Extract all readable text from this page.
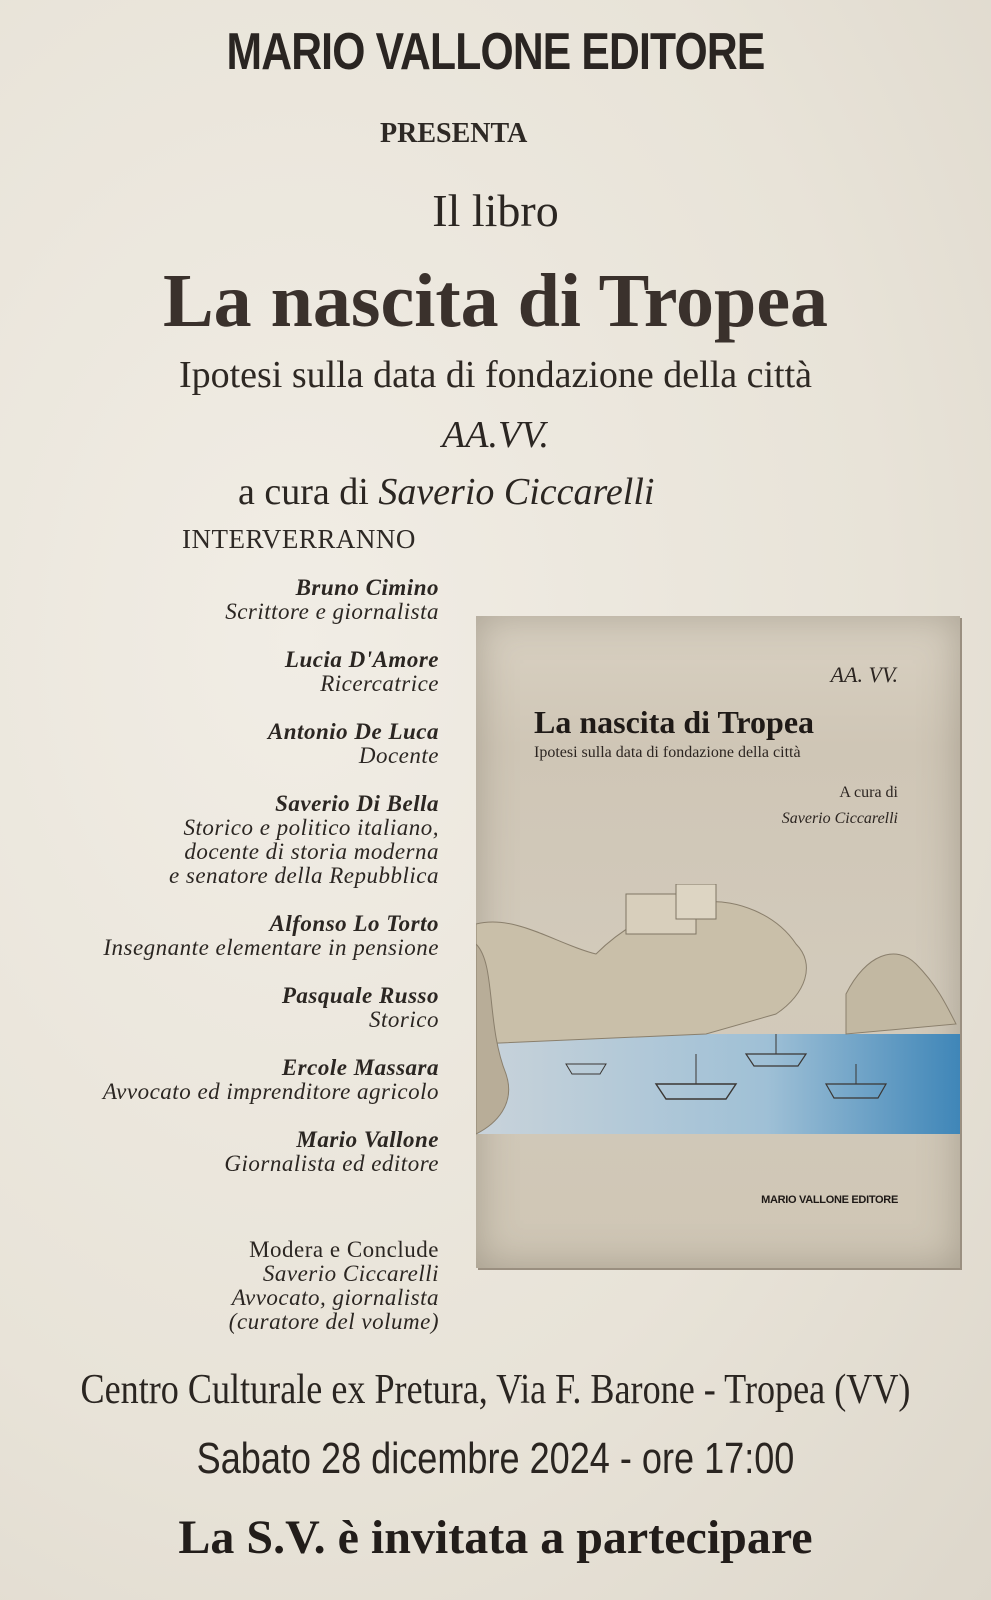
MARIO VALLONE EDITORE
PRESENTA
Il libro
La nascita di Tropea
Ipotesi sulla data di fondazione della città
AA.VV.
a cura di Saverio Ciccarelli
INTERVERRANNO
Bruno Cimino
Scrittore e giornalista
Lucia D'Amore
Ricercatrice
Antonio De Luca
Docente
Saverio Di Bella
Storico e politico italiano,
docente di storia moderna
e senatore della Repubblica
Alfonso Lo Torto
Insegnante elementare in pensione
Pasquale Russo
Storico
Ercole Massara
Avvocato ed imprenditore agricolo
Mario Vallone
Giornalista ed editore
Modera e Conclude
Saverio Ciccarelli
Avvocato, giornalista
(curatore del volume)
AA. VV.
La nascita di Tropea
Ipotesi sulla data di fondazione della città
A cura di
Saverio Ciccarelli
MARIO VALLONE EDITORE
Centro Culturale ex Pretura, Via F. Barone - Tropea (VV)
Sabato 28 dicembre 2024 - ore 17:00
La S.V. è invitata a partecipare
